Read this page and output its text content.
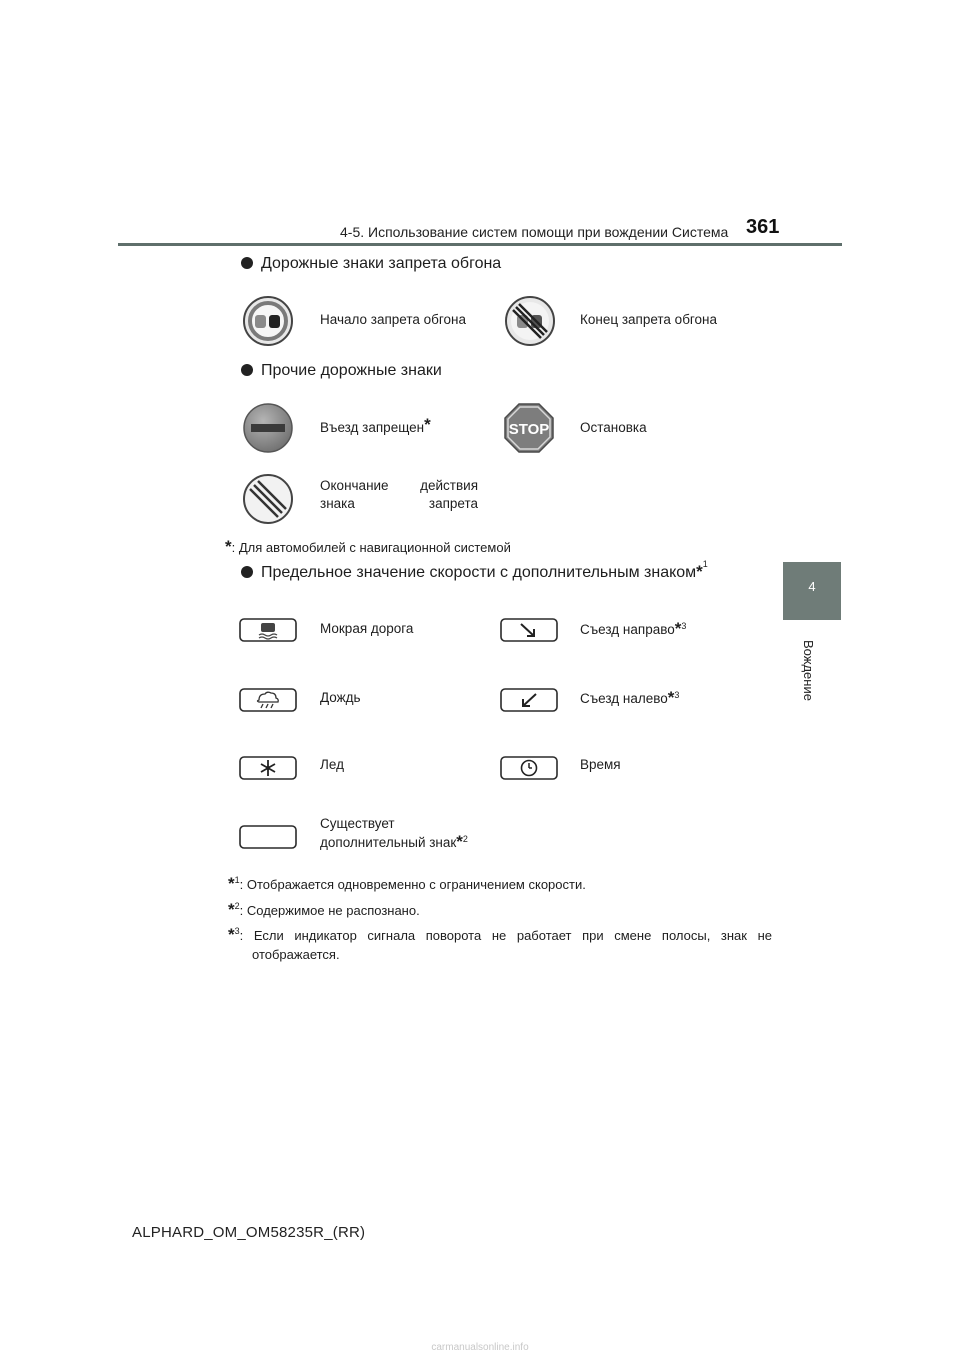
4-5. Использование систем помощи при вождении Система 361
4
Вождение
Дорожные знаки запрета обгона
Начало запрета обгона	Конец запрета обгона
Прочие дорожные знаки
Въезд запрещен*	STOP Остановка
Окончание действия знака запрета
*: Для автомобилей с навигационной системой
Предельное значение скорости с дополнительным знаком*$^1$
Мокрая дорога	Съезд направо*$^3$
Дождь	Съезд налево*$^3$
Лед	Время
Существует
дополнительный знак*$^2$
*$^1$: Отображается одновременно с ограничением скорости.
*$^2$: Содержимое не распознано.
*$^3$: Если индикатор сигнала поворота не работает при смене полосы, знак не отображается.
ALPHARD_OM_OM58235R_(RR)
carmanualsonline.info
